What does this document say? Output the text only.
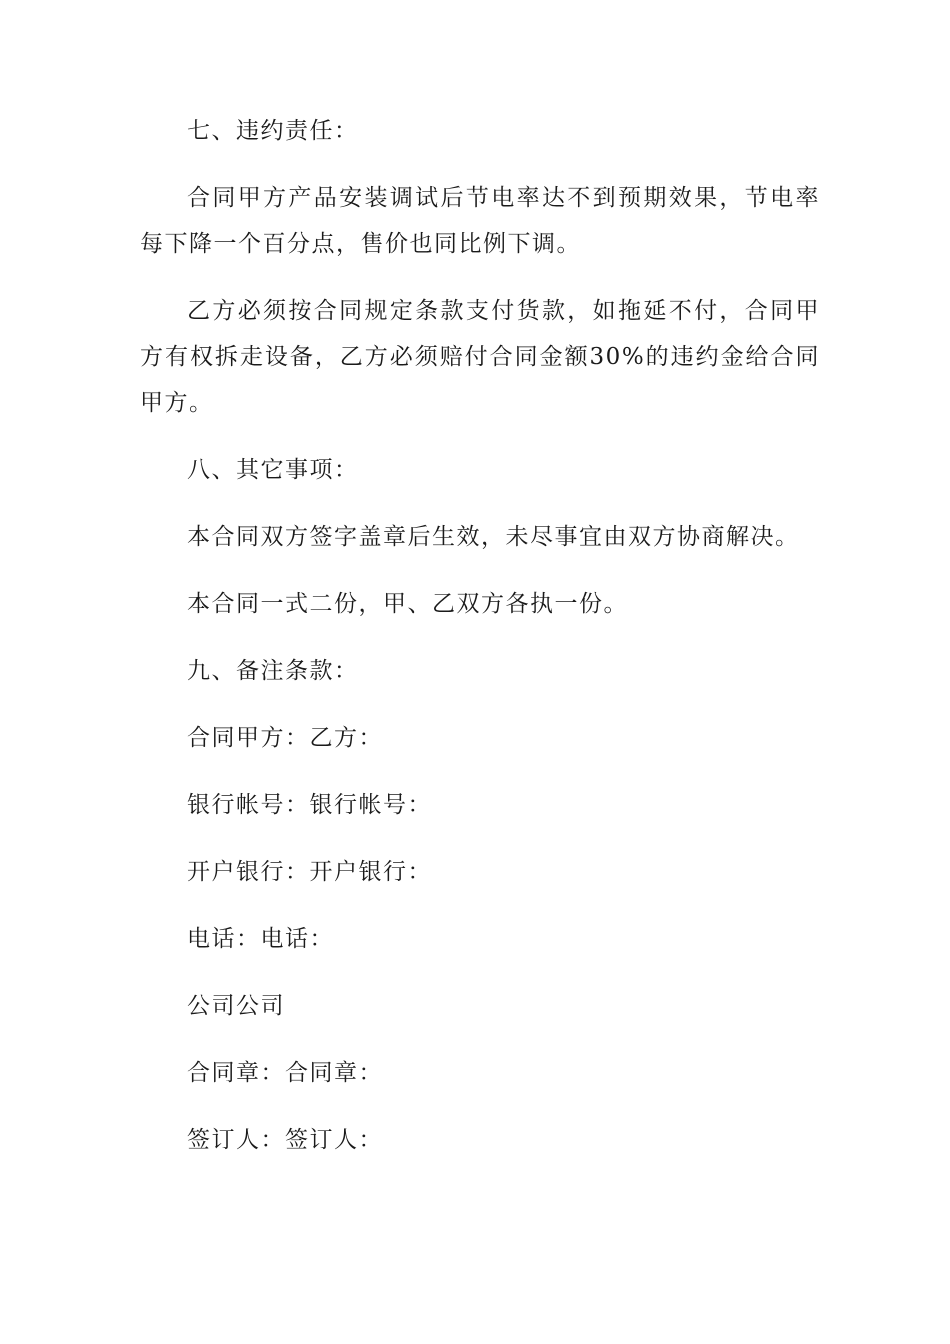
七、违约责任：

合同甲方产品安装调试后节电率达不到预期效果，节电率每下降一个百分点，售价也同比例下调。

乙方必须按合同规定条款支付货款，如拖延不付，合同甲方有权拆走设备，乙方必须赔付合同金额30%的违约金给合同甲方。

八、其它事项：

本合同双方签字盖章后生效，未尽事宜由双方协商解决。

本合同一式二份，甲、乙双方各执一份。

九、备注条款：

合同甲方：乙方：

银行帐号：银行帐号：

开户银行：开户银行：

电话：电话：

公司公司

合同章：合同章：

签订人：签订人：
